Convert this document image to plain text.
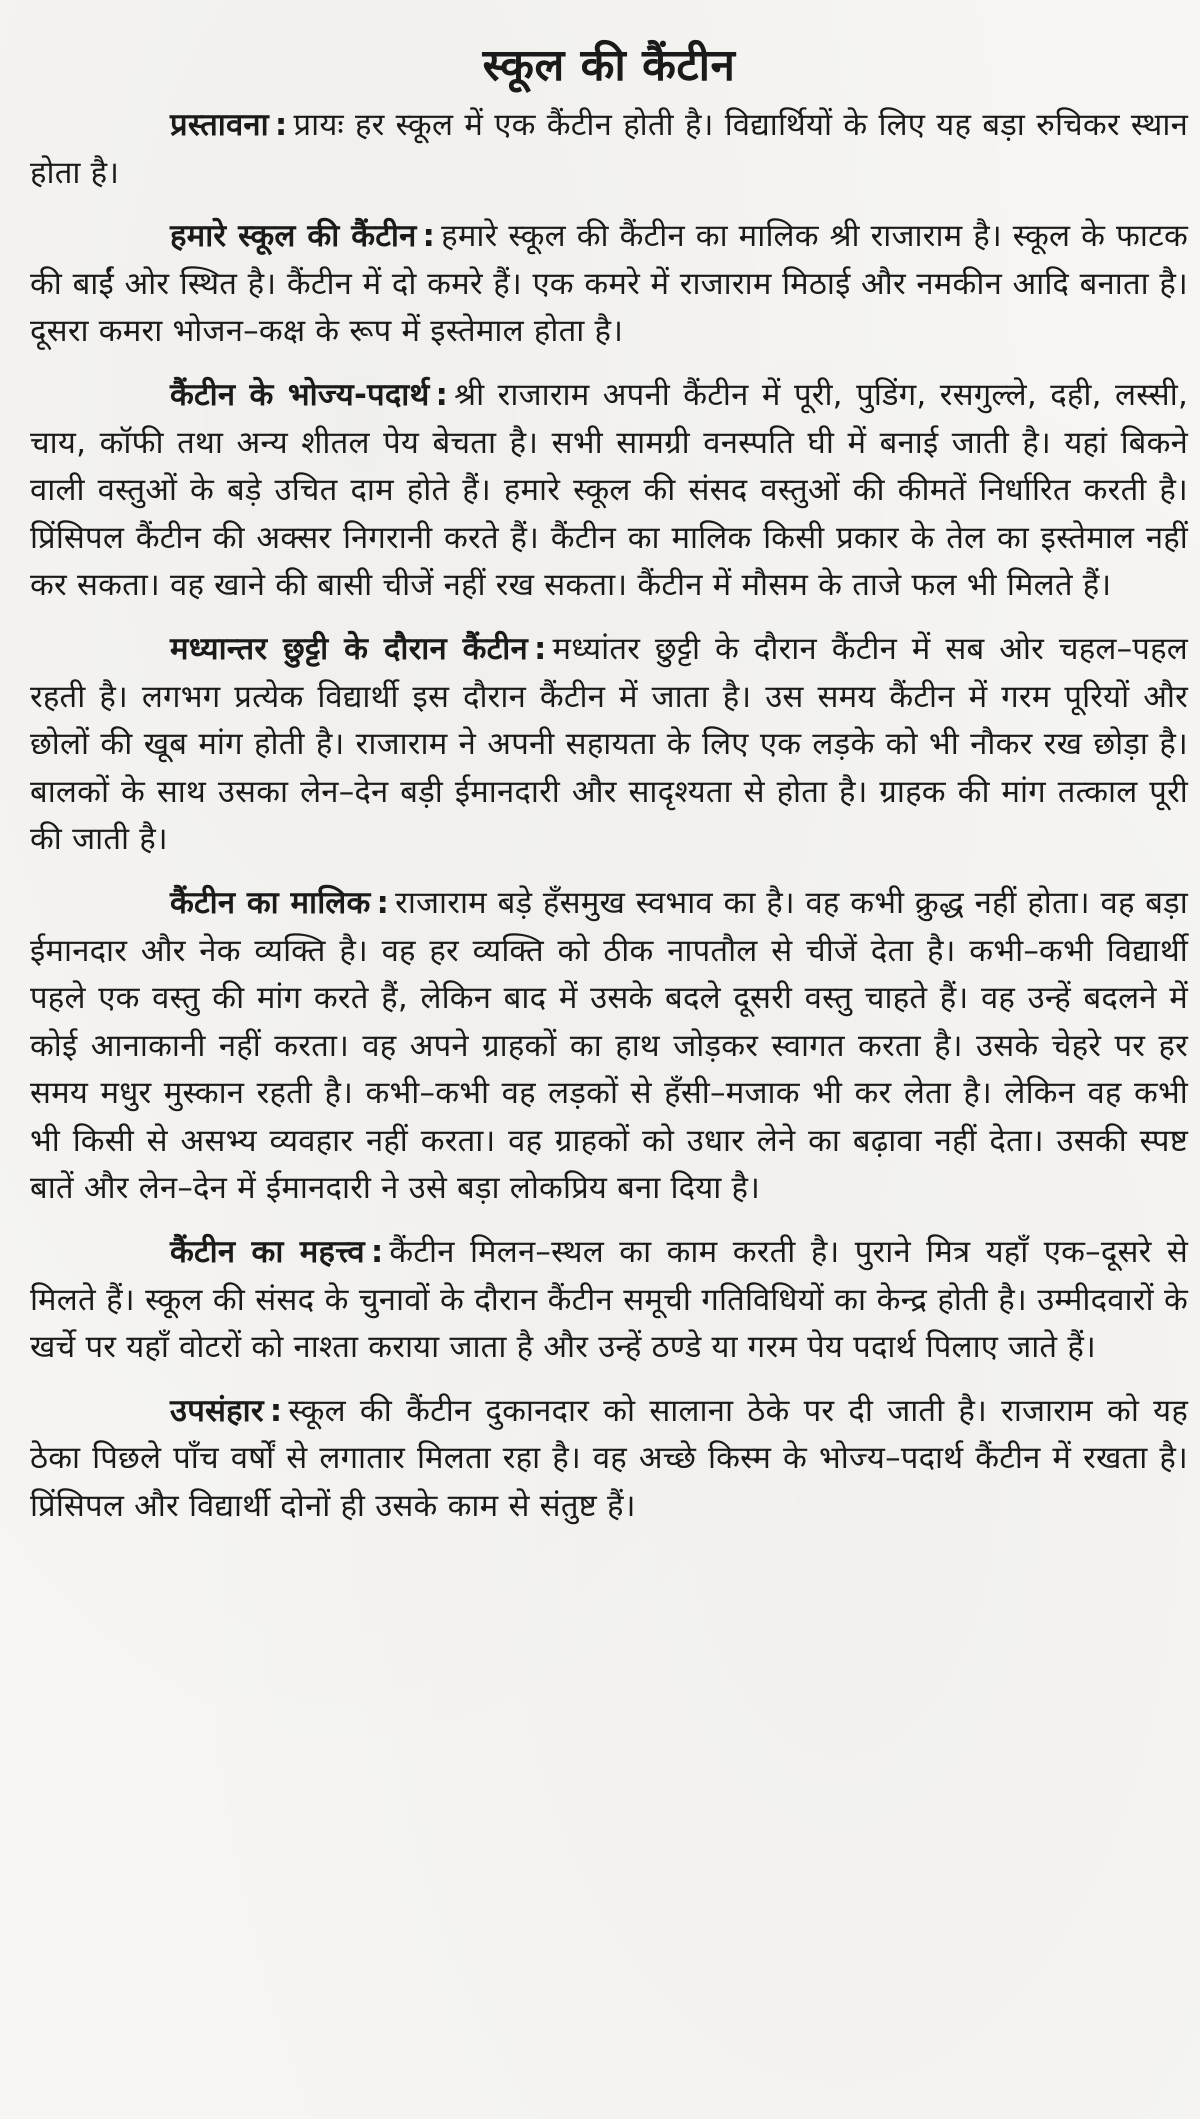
स्कूल की कैंटीन

प्रस्तावना : प्रायः हर स्कूल में एक कैंटीन होती है। विद्यार्थियों के लिए यह बड़ा रुचिकर स्थान होता है।

हमारे स्कूल की कैंटीन : हमारे स्कूल की कैंटीन का मालिक श्री राजाराम है। स्कूल के फाटक की बाईं ओर स्थित है। कैंटीन में दो कमरे हैं। एक कमरे में राजाराम मिठाई और नमकीन आदि बनाता है। दूसरा कमरा भोजन–कक्ष के रूप में इस्तेमाल होता है।

कैंटीन के भोज्य-पदार्थ : श्री राजाराम अपनी कैंटीन में पूरी, पुडिंग, रसगुल्ले, दही, लस्सी, चाय, कॉफी तथा अन्य शीतल पेय बेचता है। सभी सामग्री वनस्पति घी में बनाई जाती है। यहां बिकने वाली वस्तुओं के बड़े उचित दाम होते हैं। हमारे स्कूल की संसद वस्तुओं की कीमतें निर्धारित करती है। प्रिंसिपल कैंटीन की अक्सर निगरानी करते हैं। कैंटीन का मालिक किसी प्रकार के तेल का इस्तेमाल नहीं कर सकता। वह खाने की बासी चीजें नहीं रख सकता। कैंटीन में मौसम के ताजे फल भी मिलते हैं।

मध्यान्तर छुट्टी के दौरान कैंटीन : मध्यांतर छुट्टी के दौरान कैंटीन में सब ओर चहल–पहल रहती है। लगभग प्रत्येक विद्यार्थी इस दौरान कैंटीन में जाता है। उस समय कैंटीन में गरम पूरियों और छोलों की खूब मांग होती है। राजाराम ने अपनी सहायता के लिए एक लड़के को भी नौकर रख छोड़ा है। बालकों के साथ उसका लेन–देन बड़ी ईमानदारी और सादृश्यता से होता है। ग्राहक की मांग तत्काल पूरी की जाती है।

कैंटीन का मालिक : राजाराम बड़े हँसमुख स्वभाव का है। वह कभी क्रुद्ध नहीं होता। वह बड़ा ईमानदार और नेक व्यक्ति है। वह हर व्यक्ति को ठीक नापतौल से चीजें देता है। कभी–कभी विद्यार्थी पहले एक वस्तु की मांग करते हैं, लेकिन बाद में उसके बदले दूसरी वस्तु चाहते हैं। वह उन्हें बदलने में कोई आनाकानी नहीं करता। वह अपने ग्राहकों का हाथ जोड़कर स्वागत करता है। उसके चेहरे पर हर समय मधुर मुस्कान रहती है। कभी–कभी वह लड़कों से हँसी–मजाक भी कर लेता है। लेकिन वह कभी भी किसी से असभ्य व्यवहार नहीं करता। वह ग्राहकों को उधार लेने का बढ़ावा नहीं देता। उसकी स्पष्ट बातें और लेन–देन में ईमानदारी ने उसे बड़ा लोकप्रिय बना दिया है।

कैंटीन का महत्त्व : कैंटीन मिलन–स्थल का काम करती है। पुराने मित्र यहाँ एक–दूसरे से मिलते हैं। स्कूल की संसद के चुनावों के दौरान कैंटीन समूची गतिविधियों का केन्द्र होती है। उम्मीदवारों के खर्चे पर यहाँ वोटरों को नाश्ता कराया जाता है और उन्हें ठण्डे या गरम पेय पदार्थ पिलाए जाते हैं।

उपसंहार : स्कूल की कैंटीन दुकानदार को सालाना ठेके पर दी जाती है। राजाराम को यह ठेका पिछले पाँच वर्षों से लगातार मिलता रहा है। वह अच्छे किस्म के भोज्य–पदार्थ कैंटीन में रखता है। प्रिंसिपल और विद्यार्थी दोनों ही उसके काम से संतुष्ट हैं।
